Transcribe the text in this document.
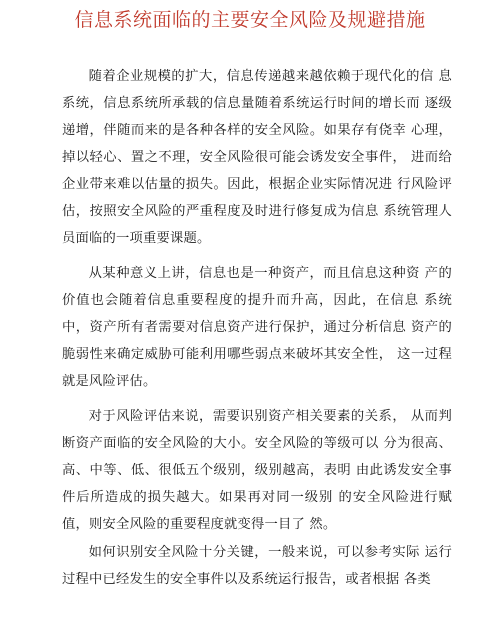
信息系统面临的主要安全风险及规避措施

随着企业规模的扩大，信息传递越来越依赖于现代化的信 息系统，信息系统所承载的信息量随着系统运行时间的增长而 逐级递增，伴随而来的是各种各样的安全风险。如果存有侥幸 心理，掉以轻心、置之不理，安全风险很可能会诱发安全事件， 进而给企业带来难以估量的损失。因此，根据企业实际情况进 行风险评估，按照安全风险的严重程度及时进行修复成为信息 系统管理人员面临的一项重要课题。

从某种意义上讲，信息也是一种资产，而且信息这种资 产的价值也会随着信息重要程度的提升而升高，因此，在信息 系统中，资产所有者需要对信息资产进行保护，通过分析信息 资产的脆弱性来确定威胁可能利用哪些弱点来破坏其安全性， 这一过程就是风险评估。

对于风险评估来说，需要识别资产相关要素的关系， 从而判断资产面临的安全风险的大小。安全风险的等级可以 分为很高、高、中等、低、很低五个级别，级别越高，表明 由此诱发安全事件后所造成的损失越大。如果再对同一级别 的安全风险进行赋值，则安全风险的重要程度就变得一目了 然。

如何识别安全风险十分关键，一般来说，可以参考实际 运行过程中已经发生的安全事件以及系统运行报告，或者根据 各类
